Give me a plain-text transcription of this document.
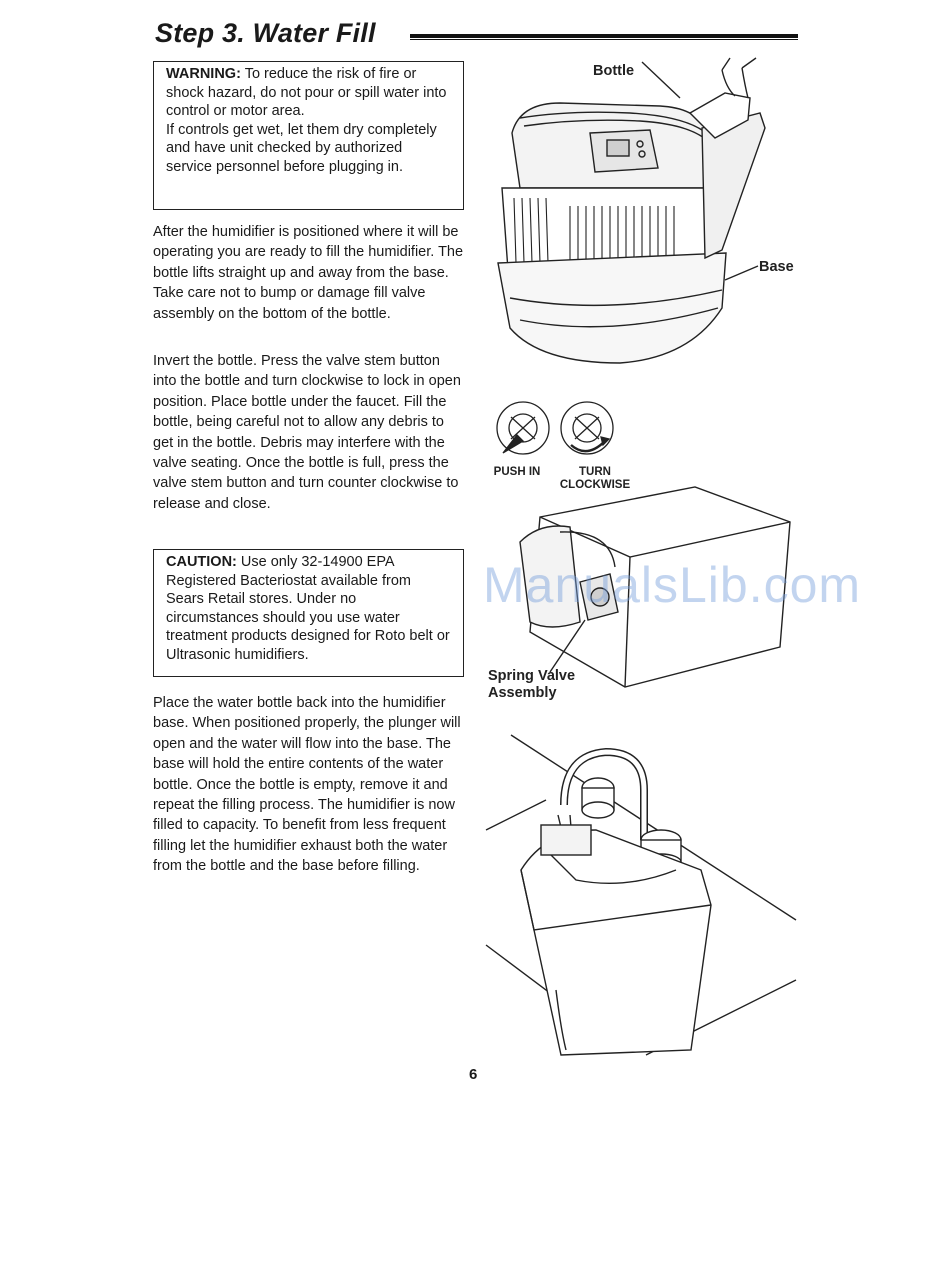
Step 3. Water Fill
WARNING: To reduce the risk of fire or shock hazard, do not pour or spill water into control or motor area.
If controls get wet, let them dry completely and have unit checked by authorized service personnel before plugging in.

After the humidifier is positioned where it will be operating you are ready to fill the humidifier. The bottle lifts straight up and away from the base. Take care not to bump or damage fill valve assembly on the bottom of the bottle.

Invert the bottle. Press the valve stem button into the bottle and turn clockwise to lock in open position. Place bottle under the faucet. Fill the bottle, being careful not to allow any debris to get in the bottle. Debris may interfere with the valve seating. Once the bottle is full, press the valve stem button and turn counter clockwise to release and close.

CAUTION: Use only 32-14900 EPA Registered Bacteriostat available from Sears Retail stores. Under no circumstances should you use water treatment products designed for Roto belt or Ultrasonic humidifiers.

Place the water bottle back into the humidifier base. When positioned properly, the plunger will open and the water will flow into the base. The base will hold the entire contents of the water bottle. Once the bottle is empty, remove it and repeat the filling process. The humidifier is now filled to capacity. To benefit from less frequent filling let the humidifier exhaust both the water from the bottle and the base before filling.

Bottle
Base
PUSH IN	TURN
CLOCKWISE
Spring Valve
Assembly
ManualsLib.com
6
